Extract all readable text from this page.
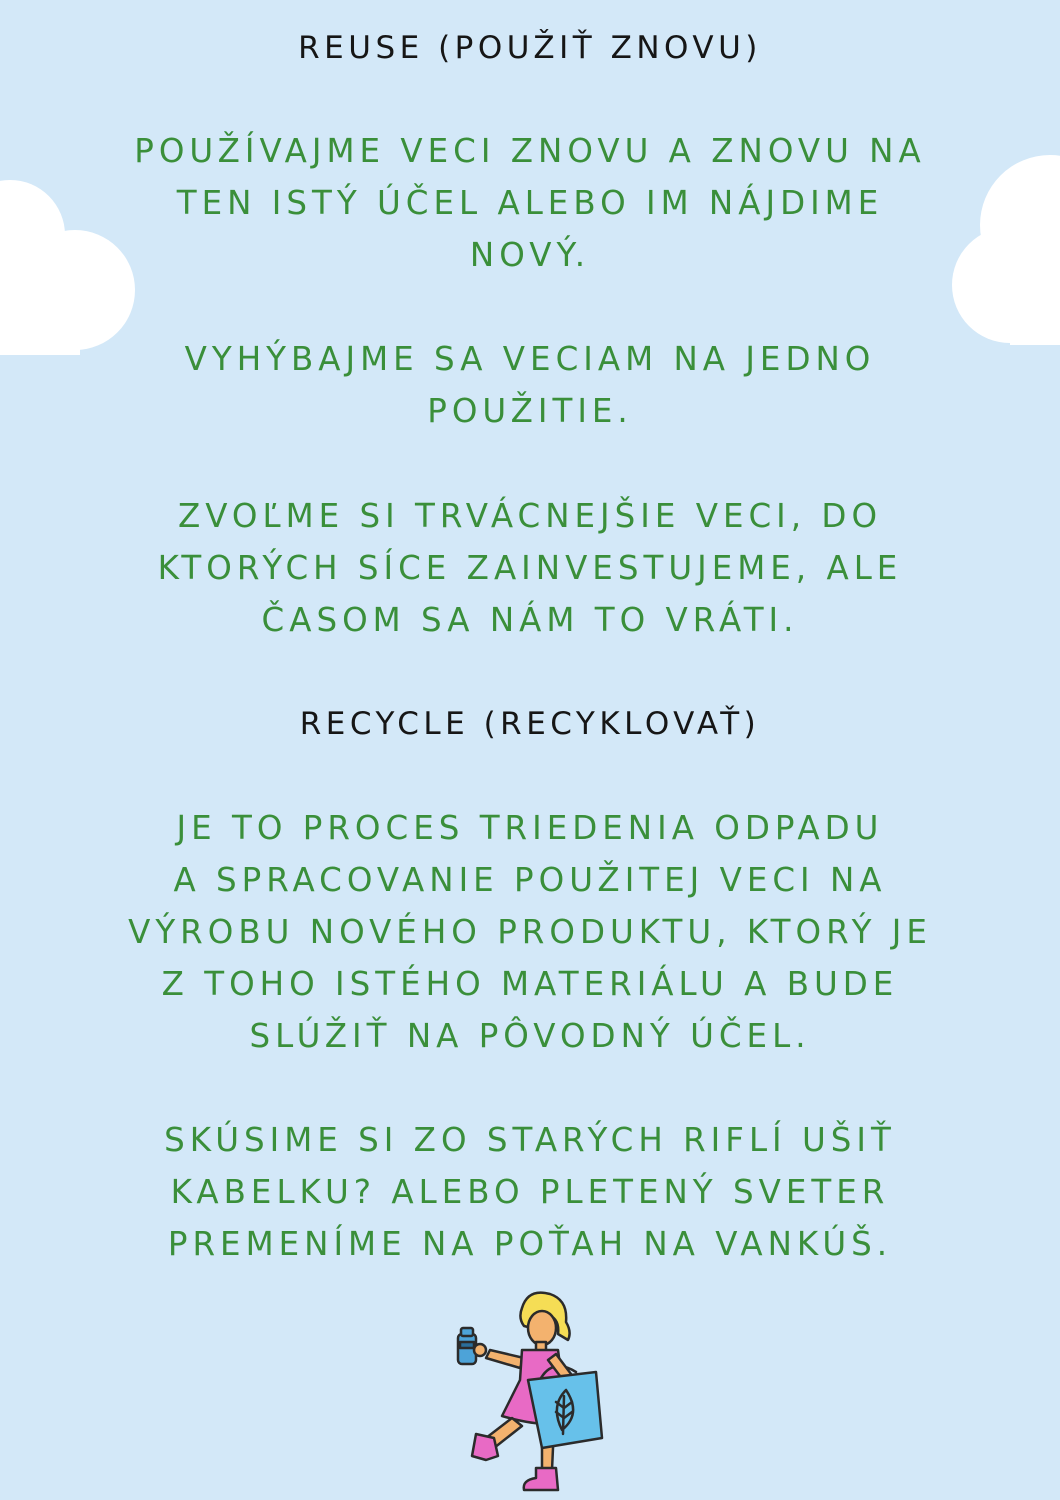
REUSE (POUŽIŤ ZNOVU)
POUŽÍVAJME VECI ZNOVU A ZNOVU NA
TEN ISTÝ ÚČEL ALEBO IM NÁJDIME
NOVÝ.
VYHÝBAJME SA VECIAM NA JEDNO
POUŽITIE.
ZVOĽME SI TRVÁCNEJŠIE VECI, DO
KTORÝCH SÍCE ZAINVESTUJEME, ALE
ČASOM SA NÁM TO VRÁTI.
RECYCLE (RECYKLOVAŤ)
JE TO PROCES TRIEDENIA ODPADU
A SPRACOVANIE POUŽITEJ VECI NA
VÝROBU NOVÉHO PRODUKTU, KTORÝ JE
Z TOHO ISTÉHO MATERIÁLU A BUDE
SLÚŽIŤ NA PÔVODNÝ ÚČEL.
SKÚSIME SI ZO STARÝCH RIFLÍ UŠIŤ
KABELKU? ALEBO PLETENÝ SVETER
PREMENÍME NA POŤAH NA VANKÚŠ.
